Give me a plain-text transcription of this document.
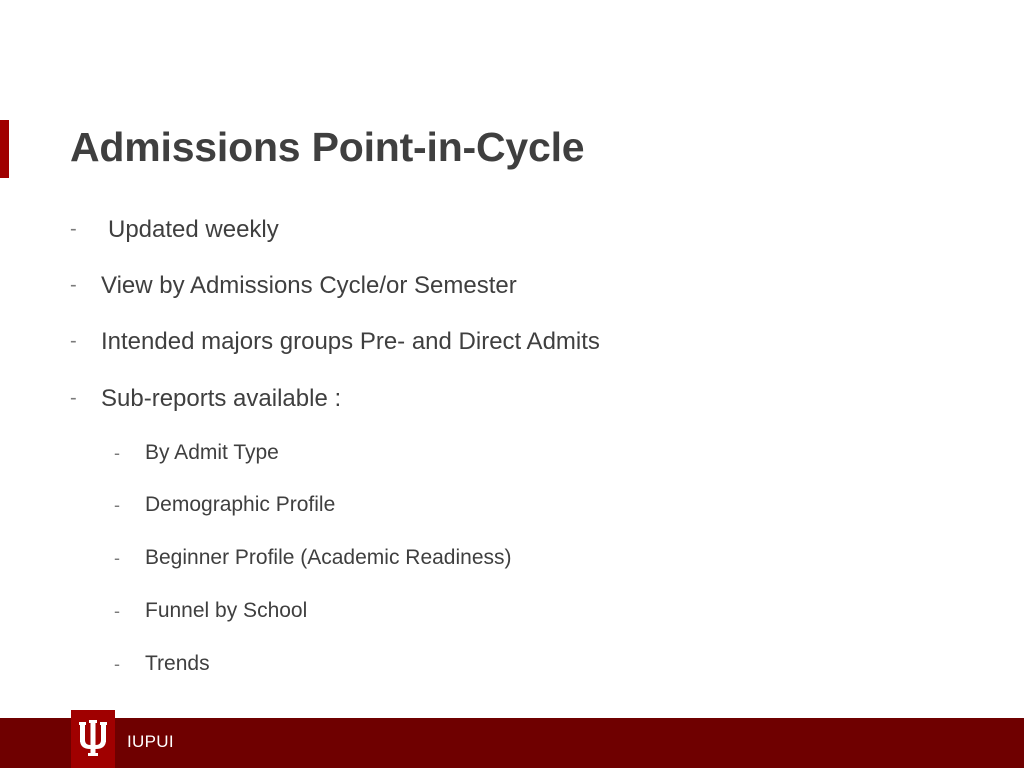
Admissions Point-in-Cycle
- Updated weekly
- View by Admissions Cycle/or Semester
- Intended majors groups Pre- and Direct Admits
- Sub-reports available :
- By Admit Type
- Demographic Profile
- Beginner Profile (Academic Readiness)
- Funnel by School
- Trends
IUPUI
